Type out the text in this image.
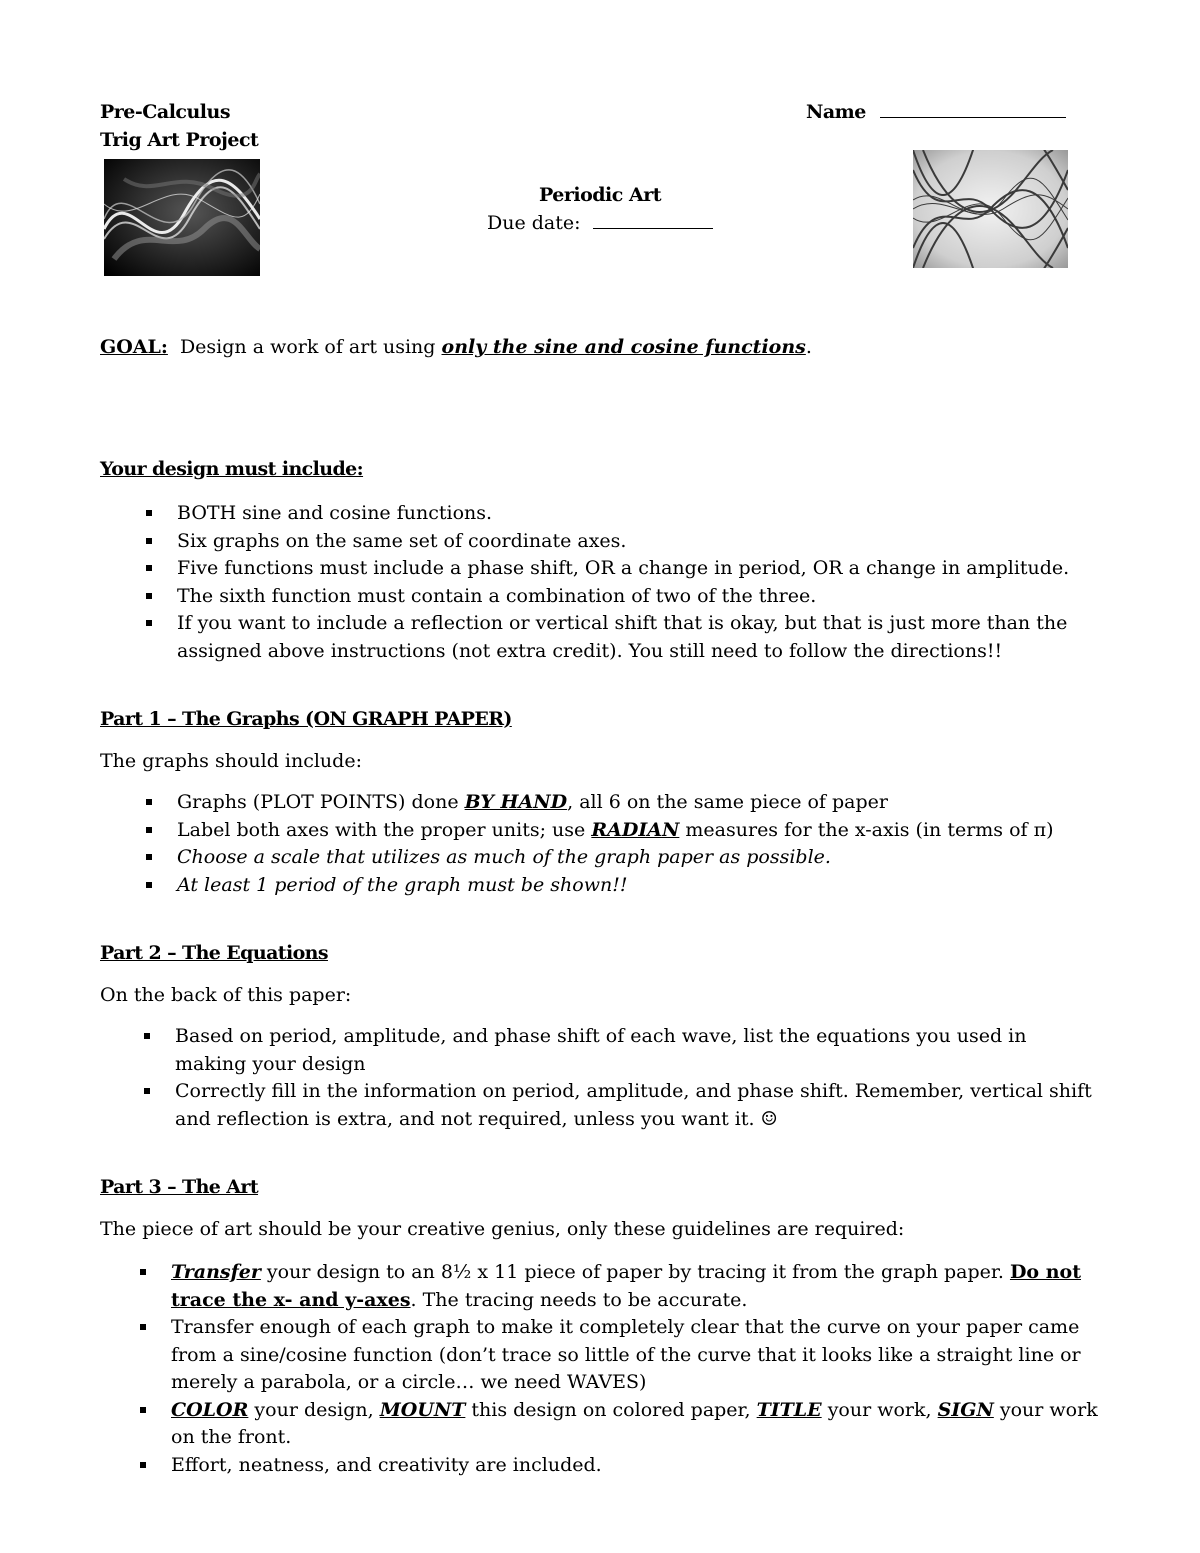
Pre-Calculus
Trig Art Project
Name
Periodic Art
Due date:
GOAL: Design a work of art using only the sine and cosine functions.
Your design must include:
BOTH sine and cosine functions.
Six graphs on the same set of coordinate axes.
Five functions must include a phase shift, OR a change in period, OR a change in amplitude.
The sixth function must contain a combination of two of the three.
If you want to include a reflection or vertical shift that is okay, but that is just more than the assigned above instructions (not extra credit). You still need to follow the directions!!
Part 1 – The Graphs (ON GRAPH PAPER)
The graphs should include:
Graphs (PLOT POINTS) done BY HAND, all 6 on the same piece of paper
Label both axes with the proper units; use RADIAN measures for the x-axis (in terms of π)
Choose a scale that utilizes as much of the graph paper as possible.
At least 1 period of the graph must be shown!!
Part 2 – The Equations
On the back of this paper:
Based on period, amplitude, and phase shift of each wave, list the equations you used in making your design
Correctly fill in the information on period, amplitude, and phase shift. Remember, vertical shift and reflection is extra, and not required, unless you want it. ☺
Part 3 – The Art
The piece of art should be your creative genius, only these guidelines are required:
Transfer your design to an 8½ x 11 piece of paper by tracing it from the graph paper. Do not trace the x- and y-axes. The tracing needs to be accurate.
Transfer enough of each graph to make it completely clear that the curve on your paper came from a sine/cosine function (don’t trace so little of the curve that it looks like a straight line or merely a parabola, or a circle… we need WAVES)
COLOR your design, MOUNT this design on colored paper, TITLE your work, SIGN your work on the front.
Effort, neatness, and creativity are included.
